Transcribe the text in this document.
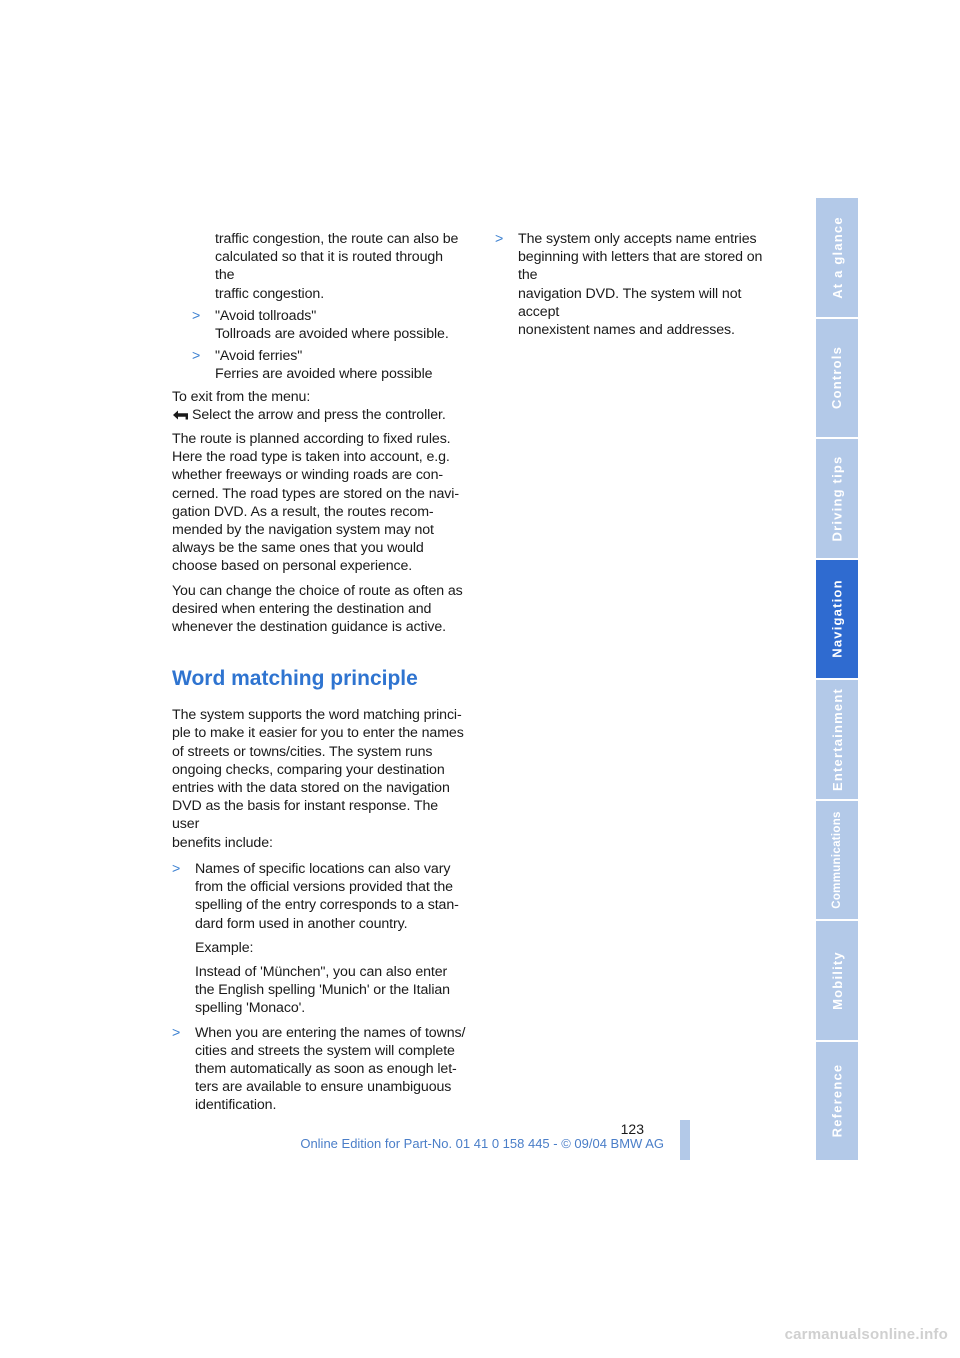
traffic congestion, the route can also be
calculated so that it is routed through the
traffic congestion.
> "Avoid tollroads"
Tollroads are avoided where possible.
> "Avoid ferries"
Ferries are avoided where possible

To exit from the menu:
Select the arrow and press the controller.

The route is planned according to fixed rules.
Here the road type is taken into account, e.g.
whether freeways or winding roads are con-
cerned. The road types are stored on the navi-
gation DVD. As a result, the routes recom-
mended by the navigation system may not
always be the same ones that you would
choose based on personal experience.

You can change the choice of route as often as
desired when entering the destination and
whenever the destination guidance is active.

Word matching principle

The system supports the word matching princi-
ple to make it easier for you to enter the names
of streets or towns/cities. The system runs
ongoing checks, comparing your destination
entries with the data stored on the navigation
DVD as the basis for instant response. The user
benefits include:

> Names of specific locations can also vary
from the official versions provided that the
spelling of the entry corresponds to a stan-
dard form used in another country.

Example:

Instead of 'München", you can also enter
the English spelling 'Munich' or the Italian
spelling 'Monaco'.

> When you are entering the names of towns/
cities and streets the system will complete
them automatically as soon as enough let-
ters are available to ensure unambiguous
identification.

> The system only accepts name entries
beginning with letters that are stored on the
navigation DVD. The system will not accept
nonexistent names and addresses.

At a glance
Controls
Driving tips
Navigation
Entertainment
Communications
Mobility
Reference
123
Online Edition for Part-No. 01 41 0 158 445 - © 09/04 BMW AG
carmanualsonline.info
